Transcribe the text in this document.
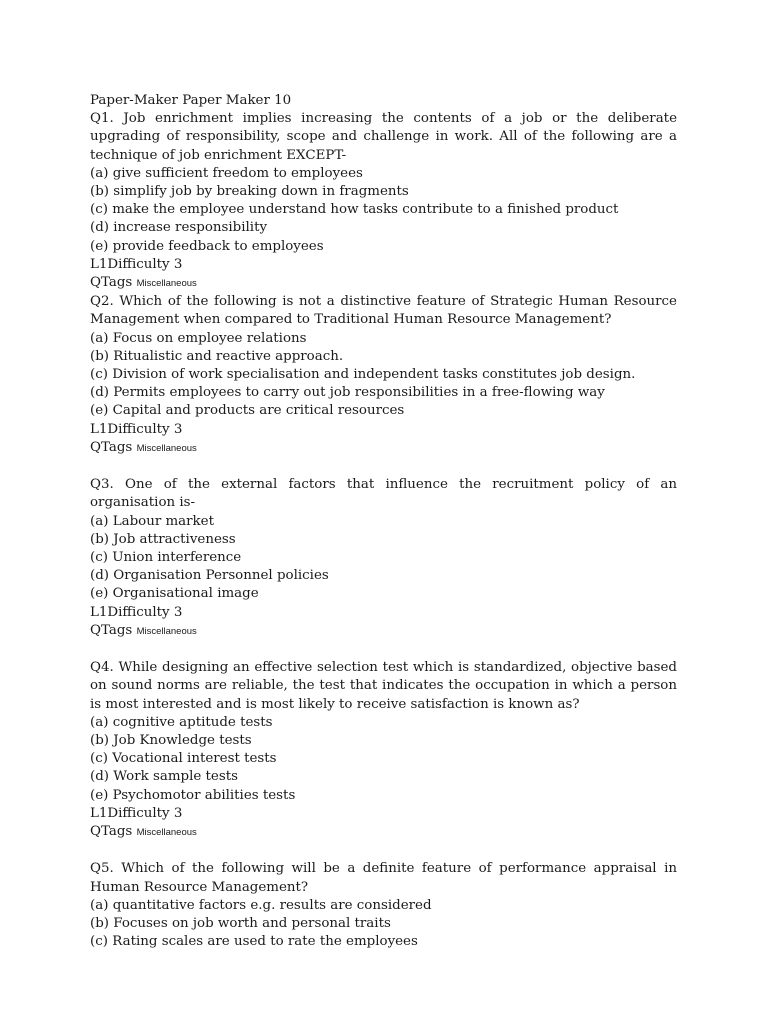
Paper-Maker Paper Maker 10
Q1. Job enrichment implies increasing the contents of a job or the deliberate upgrading of responsibility, scope and challenge in work. All of the following are a technique of job enrichment EXCEPT-
(a) give sufficient freedom to employees
(b) simplify job by breaking down in fragments
(c) make the employee understand how tasks contribute to a finished product
(d) increase responsibility
(e) provide feedback to employees
L1Difficulty 3
QTags Miscellaneous
Q2. Which of the following is not a distinctive feature of Strategic Human Resource Management when compared to Traditional Human Resource Management?
(a) Focus on employee relations
(b) Ritualistic and reactive approach.
(c) Division of work specialisation and independent tasks constitutes job design.
(d) Permits employees to carry out job responsibilities in a free-flowing way
(e) Capital and products are critical resources
L1Difficulty 3
QTags Miscellaneous
Q3. One of the external factors that influence the recruitment policy of an organisation is-
(a) Labour market
(b) Job attractiveness
(c) Union interference
(d) Organisation Personnel policies
(e) Organisational image
L1Difficulty 3
QTags Miscellaneous
Q4. While designing an effective selection test which is standardized, objective based on sound norms are reliable, the test that indicates the occupation in which a person is most interested and is most likely to receive satisfaction is known as?
(a) cognitive aptitude tests
(b) Job Knowledge tests
(c) Vocational interest tests
(d) Work sample tests
(e) Psychomotor abilities tests
L1Difficulty 3
QTags Miscellaneous
Q5. Which of the following will be a definite feature of performance appraisal in Human Resource Management?
(a) quantitative factors e.g. results are considered
(b) Focuses on job worth and personal traits
(c) Rating scales are used to rate the employees
